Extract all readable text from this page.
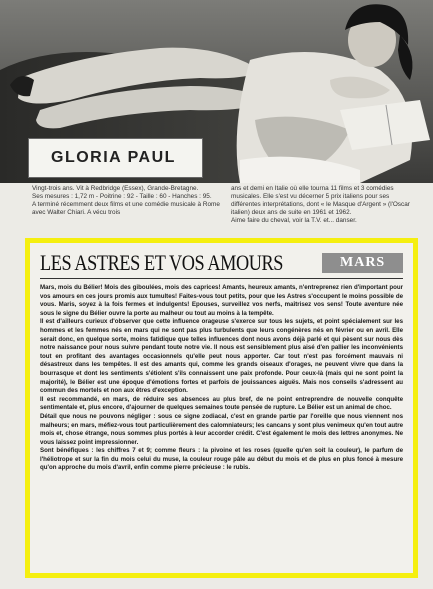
GLORIA PAUL

Vingt-trois ans. Vit à Redbridge (Essex), Grande-Bretagne.

Ses mesures : 1,72 m - Poitrine : 92 - Taille : 60 - Hanches : 95.

A terminé récemment deux films et une comédie musicale à Rome avec Walter Chiari. A vécu trois

ans et demi en Italie où elle tourna 11 films et 3 comédies musicales. Elle s'est vu décerner 5 prix italiens pour ses différentes interprétations, dont « le Masque d'Argent » (l'Oscar italien) deux ans de suite en 1961 et 1962.

Aime faire du cheval, voir la T.V. et... danser.

LES ASTRES ET VOS AMOURS	MARS

Mars, mois du Bélier! Mois des giboulées, mois des caprices! Amants, heureux amants, n'entreprenez rien d'important pour vos amours en ces jours promis aux tumultes! Faites-vous tout petits, pour que les Astres s'occupent le moins possible de vous. Maris, soyez à la fois fermes et indulgents! Epouses, surveillez vos nerfs, maîtrisez vos sens! Toute aventure née sous le signe du Bélier ouvre la porte au malheur ou tout au moins à la tempête.

Il est d'ailleurs curieux d'observer que cette influence orageuse s'exerce sur tous les sujets, et point spécialement sur les hommes et les femmes nés en mars qui ne sont pas plus turbulents que leurs congénères nés en février ou en avril. Elle serait donc, en quelque sorte, moins fatidique que telles influences dont nous avons déjà parlé et qui pèsent sur nous dès notre naissance pour nous suivre pendant toute notre vie. Il nous est sensiblement plus aisé d'en pallier les inconvénients tout en profitant des avantages occasionnels qu'elle peut nous apporter. Car tout n'est pas forcément mauvais ni désastreux dans les tempêtes. Il est des amants qui, comme les grands oiseaux d'orages, ne peuvent vivre que dans la bourrasque et dont les sentiments s'étiolent s'ils connaissent une paix profonde. Pour ceux-là (mais qui ne sont point la majorité), le Bélier est une époque d'émotions fortes et parfois de jouissances aiguës. Mais nos conseils s'adressent au commun des mortels et non aux êtres d'exception.

Il est recommandé, en mars, de réduire ses absences au plus bref, de ne point entreprendre de nouvelle conquête sentimentale et, plus encore, d'ajourner de quelques semaines toute pensée de rupture. Le Bélier est un animal de choc.

Détail que nous ne pouvons négliger : sous ce signe zodiacal, c'est en grande partie par l'oreille que nous viennent nos malheurs; en mars, méfiez-vous tout particulièrement des calomniateurs; les cancans y sont plus venimeux qu'en tout autre mois et, chose étrange, nous sommes plus portés à leur accorder crédit. C'est également le mois des lettres anonymes. Ne vous laissez point impressionner.

Sont bénéfiques : les chiffres 7 et 9; comme fleurs : la pivoine et les roses (quelle qu'en soit la couleur), le parfum de l'héliotrope et sur la fin du mois celui du muse, la couleur rouge pâle au début du mois et de plus en plus foncé à mesure qu'on approche du mois d'avril, enfin comme pierre précieuse : le rubis.
